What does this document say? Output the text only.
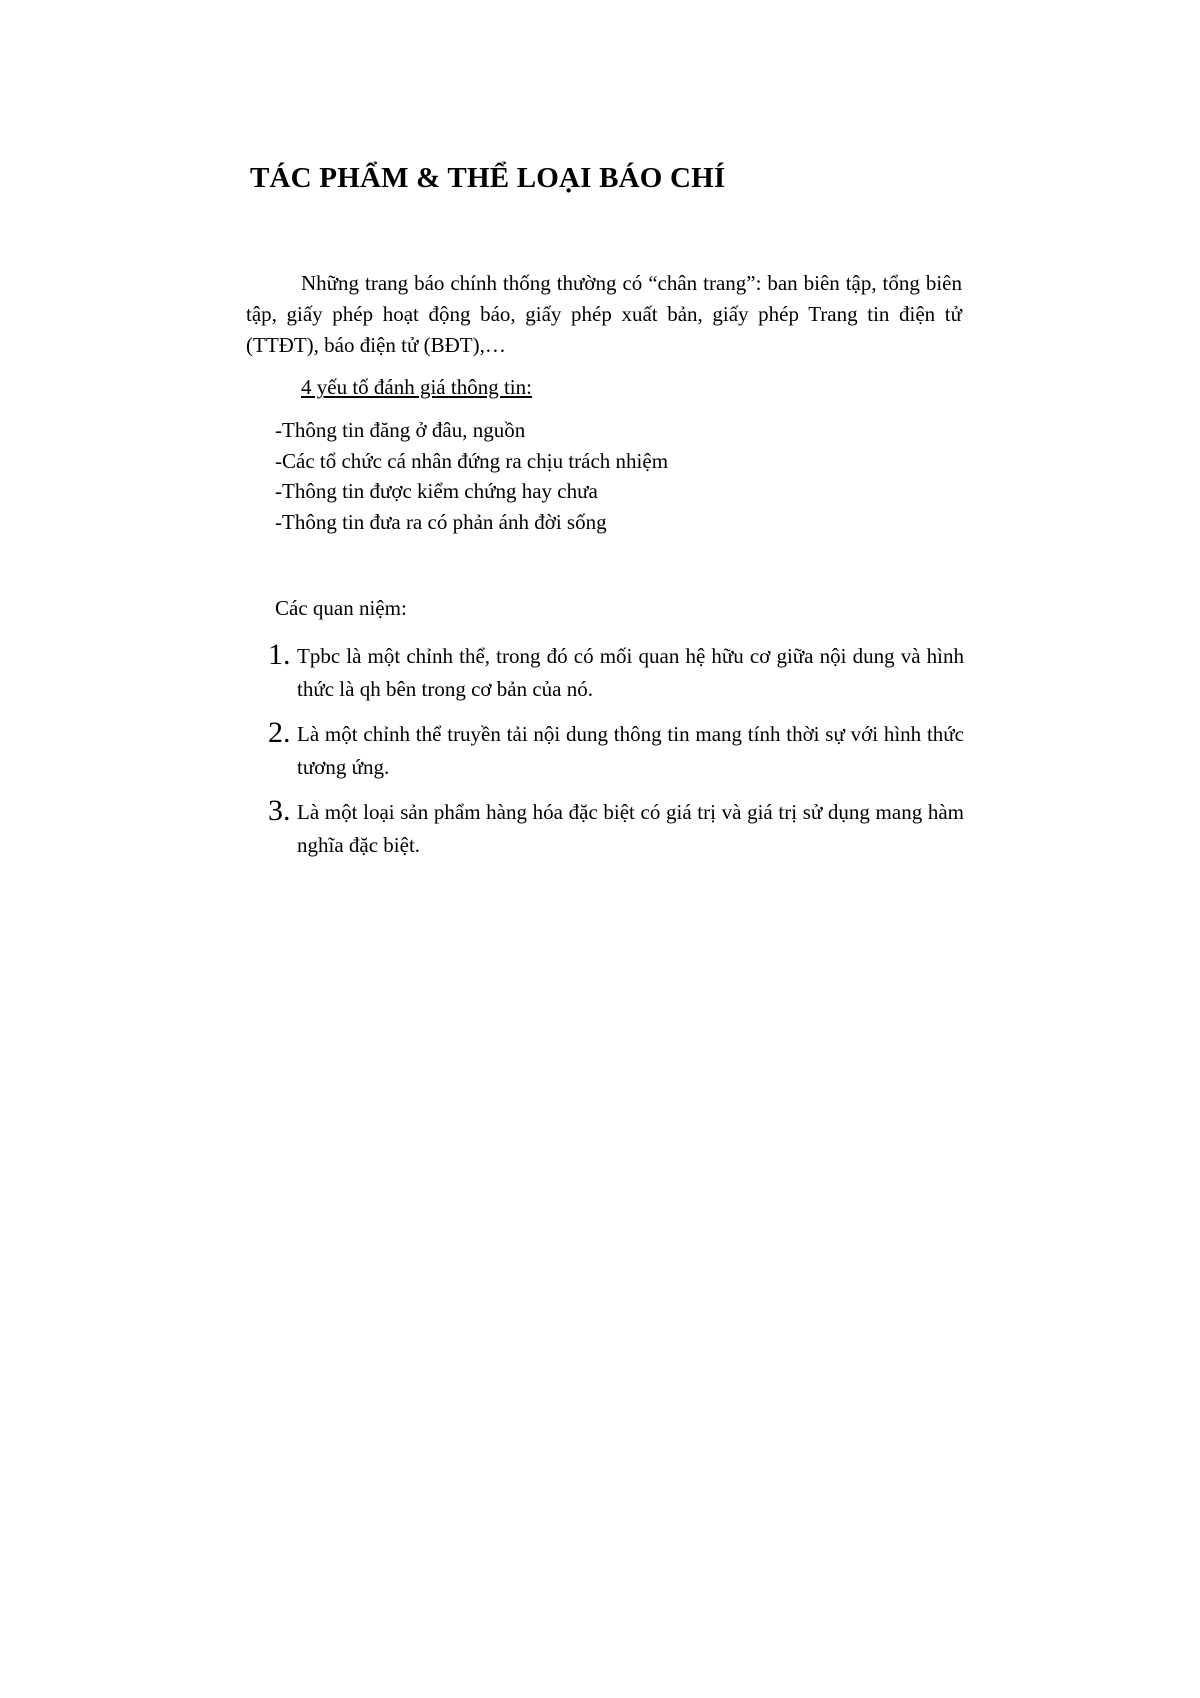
TÁC PHẨM & THỂ LOẠI BÁO CHÍ

Những trang báo chính thống thường có “chân trang”: ban biên tập, tổng biên tập, giấy phép hoạt động báo, giấy phép xuất bản, giấy phép Trang tin điện tử (TTĐT), báo điện tử (BĐT),…

4 yếu tố đánh giá thông tin:

-Thông tin đăng ở đâu, nguồn
-Các tổ chức cá nhân đứng ra chịu trách nhiệm
-Thông tin được kiểm chứng hay chưa
-Thông tin đưa ra có phản ánh đời sống

Các quan niệm:

1. Tpbc là một chỉnh thể, trong đó có mối quan hệ hữu cơ giữa nội dung và hình thức là qh bên trong cơ bản của nó.
2. Là một chỉnh thể truyền tải nội dung thông tin mang tính thời sự với hình thức tương ứng.
3. Là một loại sản phẩm hàng hóa đặc biệt có giá trị và giá trị sử dụng mang hàm nghĩa đặc biệt.
